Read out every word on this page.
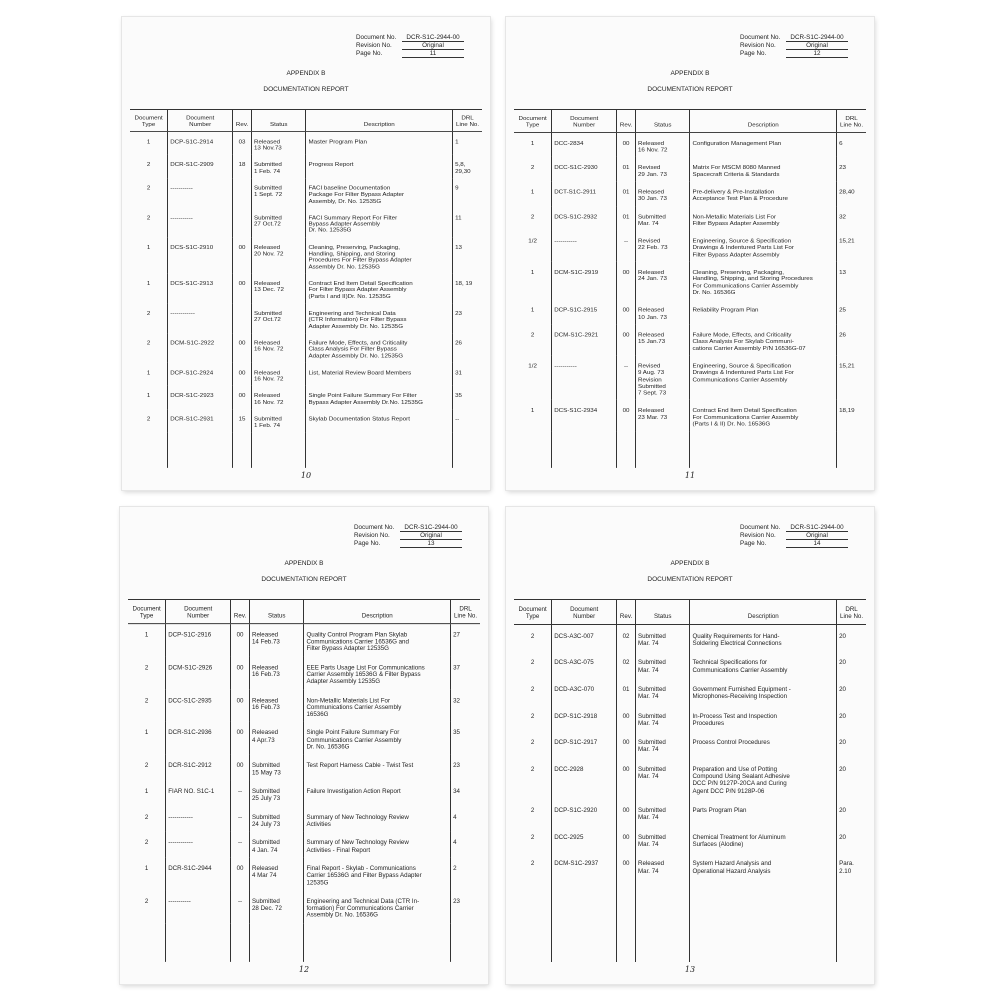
Document No.	DCR-S1C-2944-00
Revision No.	Original
Page No.	11
APPENDIX B
DOCUMENTATION REPORT
Document
Type	Document
Number	Rev.	Status	Description	DRL
Line No.
1	DCP-S1C-2914	03	Released
13 Nov.73	Master Program Plan	1
2	DCR-S1C-2909	18	Submitted
1 Feb. 74	Progress Report	5,8,
29,30
2	-----------		Submitted
1 Sept. 72	FACI baseline Documentation
Package For Filter Bypass Adapter
Assembly, Dr. No. 12535G	9
2	-----------		Submitted
27 Oct.72	FACI Summary Report For Filter
Bypass Adapter Assembly
Dr. No. 12535G	11
1	DCS-S1C-2910	00	Released
20 Nov. 72	Cleaning, Preserving, Packaging,
Handling, Shipping, and Storing
Procedures For Filter Bypass Adapter
Assembly Dr. No. 12535G	13
1	DCS-S1C-2913	00	Released
13 Dec. 72	Contract End Item Detail Specification
For Filter Bypass Adapter Assembly
(Parts I and II)Dr. No. 12535G	18, 19
2	------------		Submitted
27 Oct.72	Engineering and Technical Data
(CTR Information) For Filter Bypass
Adapter Assembly Dr. No. 12535G	23
2	DCM-S1C-2922	00	Released
16 Nov. 72	Failure Mode, Effects, and Criticality
Class Analysis For Filter Bypass
Adapter Assembly Dr. No. 12535G	26
1	DCP-S1C-2924	00	Released
16 Nov. 72	List, Material Review Board Members	31
1	DCR-S1C-2923	00	Released
16 Nov. 72	Single Point Failure Summary For Filter
Bypass Adapter Assembly Dr.No. 12535G	35
2	DCR-S1C-2931	15	Submitted
1 Feb. 74	Skylab Documentation Status Report	--

10
Document No.	DCR-S1C-2944-00
Revision No.	Original
Page No.	12
APPENDIX B
DOCUMENTATION REPORT
Document
Type	Document
Number	Rev.	Status	Description	DRL
Line No.
1	DCC-2834	00	Released
16 Nov. 72	Configuration Management Plan	6
2	DCC-S1C-2930	01	Revised
29 Jan. 73	Matrix For MSCM 8080 Manned
Spacecraft Criteria & Standards	23
1	DCT-S1C-2911	01	Released
30 Jan. 73	Pre-delivery & Pre-Installation
Acceptance Test Plan & Procedure	28,40
2	DCS-S1C-2932	01	Submitted
Mar. 74	Non-Metallic Materials List For
Filter Bypass Adapter Assembly	32
1/2	-----------	--	Revised
22 Feb. 73	Engineering, Source & Specification
Drawings & Indentured Parts List For
Filter Bypass Adapter Assembly	15,21
1	DCM-S1C-2919	00	Released
24 Jan. 73	Cleaning, Preserving, Packaging,
Handling, Shipping, and Storing Procedures
For Communications Carrier Assembly
Dr. No. 16536G	13
1	DCP-S1C-2915	00	Released
10 Jan. 73	Reliability Program Plan	25
2	DCM-S1C-2921	00	Released
15 Jan.73	Failure Mode, Effects, and Criticality
Class Analysis For Skylab Communi-
cations Carrier Assembly P/N 16536G-07	26
1/2	-----------	--	Revised
9 Aug. 73
Revision
Submitted
7 Sept. 73	Engineering, Source & Specification
Drawings & Indentured Parts List For
Communications Carrier Assembly	15,21
1	DCS-S1C-2934	00	Released
23 Mar. 73	Contract End Item Detail Specification
For Communications Carrier Assembly
(Parts I & II) Dr. No. 16536G	18,19

11
Document No.	DCR-S1C-2944-00
Revision No.	Original
Page No.	13
APPENDIX B
DOCUMENTATION REPORT
Document
Type	Document
Number	Rev.	Status	Description	DRL
Line No.
1	DCP-S1C-2916	00	Released
14 Feb.73	Quality Control Program Plan Skylab
Communications Carrier 16536G and
Filter Bypass Adapter 12535G	27
2	DCM-S1C-2926	00	Released
16 Feb.73	EEE Parts Usage List For Communications
Carrier Assembly 16536G & Filter Bypass
Adapter Assembly 12535G	37
2	DCC-S1C-2935	00	Released
16 Feb.73	Non-Metallic Materials List For
Communications Carrier Assembly
16536G	32
1	DCR-S1C-2936	00	Released
4 Apr.73	Single Point Failure Summary For
Communications Carrier Assembly
Dr. No. 16536G	35
2	DCR-S1C-2912	00	Submitted
15 May 73	Test Report Harness Cable - Twist Test	23
1	FIAR NO. S1C-1	--	Submitted
25 July 73	Failure Investigation Action Report	34
2	------------	--	Submitted
24 July 73	Summary of New Technology Review
Activities	4
2	------------	--	Submitted
4 Jan. 74	Summary of New Technology Review
Activities - Final Report	4
1	DCR-S1C-2944	00	Released
4 Mar 74	Final Report - Skylab - Communications
Carrier 16536G and Filter Bypass Adapter
12535G	2
2	-----------	--	Submitted
28 Dec. 72	Engineering and Technical Data (CTR In-
formation) For Communications Carrier
Assembly Dr. No. 16536G	23

12
Document No.	DCR-S1C-2944-00
Revision No.	Original
Page No.	14
APPENDIX B
DOCUMENTATION REPORT
Document
Type	Document
Number	Rev.	Status	Description	DRL
Line No.
2	DCS-A3C-007	02	Submitted
Mar. 74	Quality Requirements for Hand-
Soldering Electrical Connections	20
2	DCS-A3C-075	02	Submitted
Mar. 74	Technical Specifications for
Communications Carrier Assembly	20
2	DCD-A3C-070	01	Submitted
Mar. 74	Government Furnished Equipment -
Microphones-Receiving Inspection	20
2	DCP-S1C-2918	00	Submitted
Mar. 74	In-Process Test and Inspection
Procedures	20
2	DCP-S1C-2917	00	Submitted
Mar. 74	Process Control Procedures	20
2	DCC-2928	00	Submitted
Mar. 74	Preparation and Use of Potting
Compound Using Sealant Adhesive
DCC P/N 9127P-20CA and Curing
Agent DCC P/N 9128P-06	20
2	DCP-S1C-2920	00	Submitted
Mar. 74	Parts Program Plan	20
2	DCC-2925	00	Submitted
Mar. 74	Chemical Treatment for Aluminum
Surfaces (Alodine)	20
2	DCM-S1C-2937	00	Released
Mar. 74	System Hazard Analysis and
Operational Hazard Analysis	Para.
2.10

13
